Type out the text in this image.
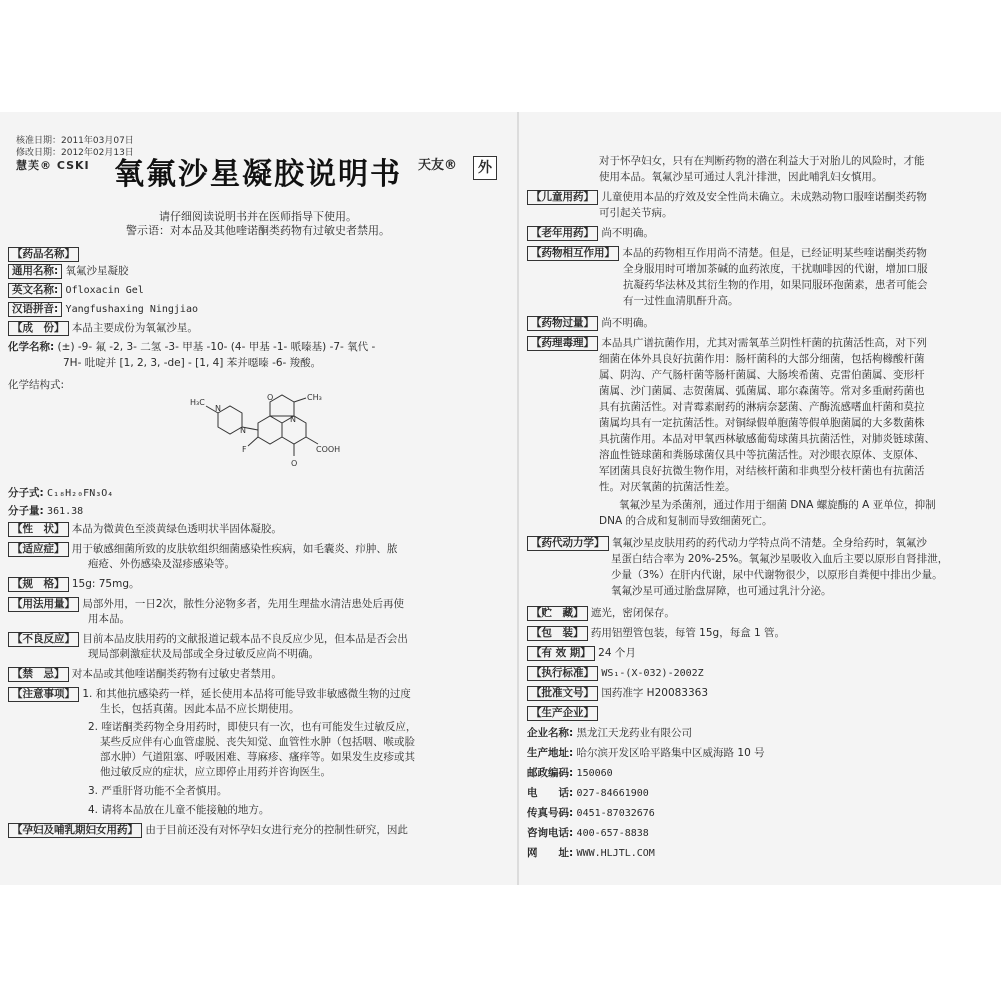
核准日期：2011年03月07日
修改日期：2012年02月13日
慧芙® CSKI	天友®	外
氧氟沙星凝胶说明书
请仔细阅读说明书并在医师指导下使用。
警示语：对本品及其他喹诺酮类药物有过敏史者禁用。
【药品名称】
通用名称: 氧氟沙星凝胶
英文名称: Ofloxacin Gel
汉语拼音: Yangfushaxing Ningjiao
【成　份】 本品主要成份为氧氟沙星。
化学名称: (±) -9- 氟 -2, 3- 二氢 -3- 甲基 -10- (4- 甲基 -1- 哌嗪基) -7- 氧代 -
7H- 吡啶并 [1, 2, 3, -de] - [1, 4] 苯并噁嗪 -6- 羧酸。
化学结构式:
H₃C
N
N
N
O	CH₃
F
O
COOH
分子式: C₁₈H₂₀FN₃O₄
分子量: 361.38
【性　状】 本品为微黄色至淡黄绿色透明状半固体凝胶。
【适应症】 用于敏感细菌所致的皮肤软组织细菌感染性疾病，如毛囊炎、疖肿、脓
疱疮、外伤感染及湿疹感染等。
【规　格】 15g: 75mg。
【用法用量】 局部外用，一日2次，脓性分泌物多者，先用生理盐水清洁患处后再使
用本品。
【不良反应】 目前本品皮肤用药的文献报道记载本品不良反应少见，但本品是否会出
现局部刺激症状及局部或全身过敏反应尚不明确。
【禁　忌】 对本品或其他喹诺酮类药物有过敏史者禁用。
【注意事项】 1. 和其他抗感染药一样，延长使用本品将可能导致非敏感微生物的过度
生长，包括真菌。因此本品不应长期使用。
2. 喹诺酮类药物全身用药时，即使只有一次，也有可能发生过敏反应，
某些反应伴有心血管虚脱、丧失知觉、血管性水肿（包括咽、喉或脸
部水肿）气道阻塞、呼吸困难、荨麻疹、瘙痒等。如果发生皮疹或其
他过敏反应的症状，应立即停止用药并咨询医生。
3. 严重肝肾功能不全者慎用。
4. 请将本品放在儿童不能接触的地方。
【孕妇及哺乳期妇女用药】 由于目前还没有对怀孕妇女进行充分的控制性研究，因此
对于怀孕妇女，只有在判断药物的潜在利益大于对胎儿的风险时，才能
使用本品。氧氟沙星可通过人乳汁排泄，因此哺乳妇女慎用。
【儿童用药】 儿童使用本品的疗效及安全性尚未确立。未成熟动物口服喹诺酮类药物
可引起关节病。
【老年用药】 尚不明确。
【药物相互作用】 本品的药物相互作用尚不清楚。但是，已经证明某些喹诺酮类药物
全身服用时可增加茶碱的血药浓度，干扰咖啡因的代谢，增加口服
抗凝药华法林及其衍生物的作用，如果同服环孢菌素，患者可能会
有一过性血清肌酐升高。
【药物过量】 尚不明确。
【药理毒理】 本品具广谱抗菌作用，尤其对需氧革兰阴性杆菌的抗菌活性高，对下列
细菌在体外具良好抗菌作用：肠杆菌科的大部分细菌，包括枸橼酸杆菌
属、阴沟、产气肠杆菌等肠杆菌属、大肠埃希菌、克雷伯菌属、变形杆
菌属、沙门菌属、志贺菌属、弧菌属、耶尔森菌等。常对多重耐药菌也
具有抗菌活性。对青霉素耐药的淋病奈瑟菌、产酶流感嗜血杆菌和莫拉
菌属均具有一定抗菌活性。对铜绿假单胞菌等假单胞菌属的大多数菌株
具抗菌作用。本品对甲氧西林敏感葡萄球菌具抗菌活性，对肺炎链球菌、
溶血性链球菌和粪肠球菌仅具中等抗菌活性。对沙眼衣原体、支原体、
军团菌具良好抗微生物作用，对结核杆菌和非典型分枝杆菌也有抗菌活
性。对厌氧菌的抗菌活性差。
氧氟沙星为杀菌剂，通过作用于细菌 DNA 螺旋酶的 A 亚单位，抑制
DNA 的合成和复制而导致细菌死亡。
【药代动力学】 氧氟沙星皮肤用药的药代动力学特点尚不清楚。全身给药时，氧氟沙
星蛋白结合率为 20%-25%。氧氟沙星吸收入血后主要以原形自肾排泄，
少量（3%）在肝内代谢，尿中代谢物很少，以原形自粪便中排出少量。
氧氟沙星可通过胎盘屏障，也可通过乳汁分泌。
【贮　藏】 遮光，密闭保存。
【包　装】 药用铝塑管包装，每管 15g，每盒 1 管。
【有 效 期】 24 个月
【执行标准】 WS₁-(X-032)-2002Z
【批准文号】 国药准字 H20083363
【生产企业】
企业名称: 黑龙江天龙药业有限公司
生产地址: 哈尔滨开发区哈平路集中区威海路 10 号
邮政编码: 150060
电　　话: 027-84661900
传真号码: 0451-87032676
咨询电话: 400-657-8838
网　　址: WWW.HLJTL.COM
